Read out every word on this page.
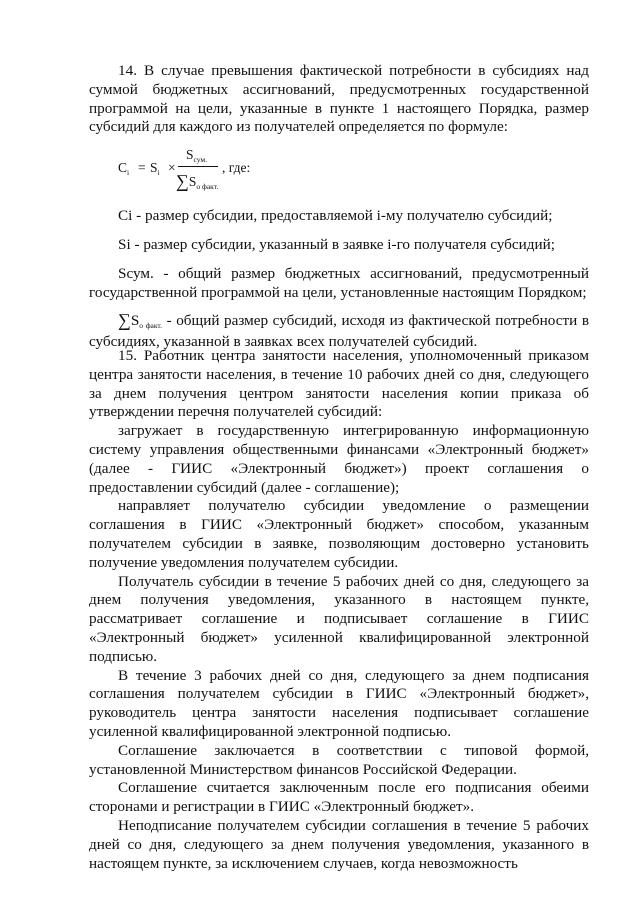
14. В случае превышения фактической потребности в субсидиях над суммой бюджетных ассигнований, предусмотренных государственной программой на цели, указанные в пункте 1 настоящего Порядка, размер субсидий для каждого из получателей определяется по формуле:

$C_i = S_i$ ×
$S_{сум.}$
$\sum S_{o факт.}$
, где:

Ci - размер субсидии, предоставляемой i-му получателю субсидий;

Si - размер субсидии, указанный в заявке i-го получателя субсидий;

Sсум. - общий размер бюджетных ассигнований, предусмотренный государственной программой на цели, установленные настоящим Порядком;

∑So факт. - общий размер субсидий, исходя из фактической потребности в субсидиях, указанной в заявках всех получателей субсидий.

15. Работник центра занятости населения, уполномоченный приказом центра занятости населения, в течение 10 рабочих дней со дня, следующего за днем получения центром занятости населения копии приказа об утверждении перечня получателей субсидий:

загружает в государственную интегрированную информационную систему управления общественными финансами «Электронный бюджет» (далее - ГИИС «Электронный бюджет») проект соглашения о предоставлении субсидий (далее - соглашение);

направляет получателю субсидии уведомление о размещении соглашения в ГИИС «Электронный бюджет» способом, указанным получателем субсидии в заявке, позволяющим достоверно установить получение уведомления получателем субсидии.

Получатель субсидии в течение 5 рабочих дней со дня, следующего за днем получения уведомления, указанного в настоящем пункте, рассматривает соглашение и подписывает соглашение в ГИИС «Электронный бюджет» усиленной квалифицированной электронной подписью.

В течение 3 рабочих дней со дня, следующего за днем подписания соглашения получателем субсидии в ГИИС «Электронный бюджет», руководитель центра занятости населения подписывает соглашение усиленной квалифицированной электронной подписью.

Соглашение заключается в соответствии с типовой формой, установленной Министерством финансов Российской Федерации.

Соглашение считается заключенным после его подписания обеими сторонами и регистрации в ГИИС «Электронный бюджет».

Неподписание получателем субсидии соглашения в течение 5 рабочих дней со дня, следующего за днем получения уведомления, указанного в настоящем пункте, за исключением случаев, когда невозможность
